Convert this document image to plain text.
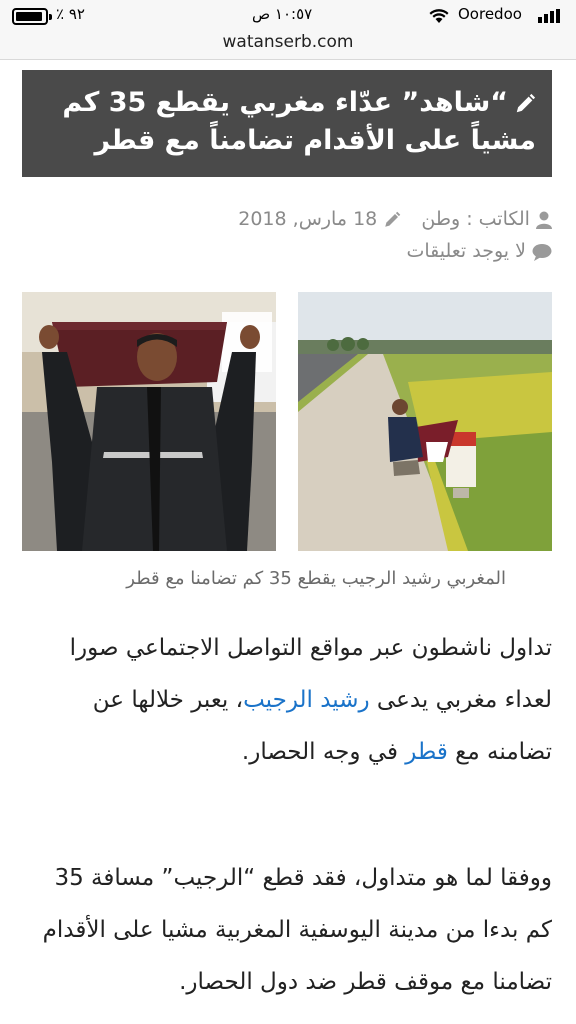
٪ ٩٢	١٠:٥٧ ص	Ooredoo
watanserb.com
“شاهد” عدّاء مغربي يقطع 35 كم مشياً على الأقدام تضامناً مع قطر
الكاتب : وطن   18 مارس, 2018
لا يوجد تعليقات
المغربي رشيد الرجيب يقطع 35 كم تضامنا مع قطر

تداول ناشطون عبر مواقع التواصل الاجتماعي صورا لعداء مغربي يدعى رشيد الرجيب، يعبر خلالها عن تضامنه مع قطر في وجه الحصار.

ووفقا لما هو متداول، فقد قطع “الرجيب” مسافة 35 كم بدءا من مدينة اليوسفية المغربية مشيا على الأقدام تضامنا مع موقف قطر ضد دول الحصار.
